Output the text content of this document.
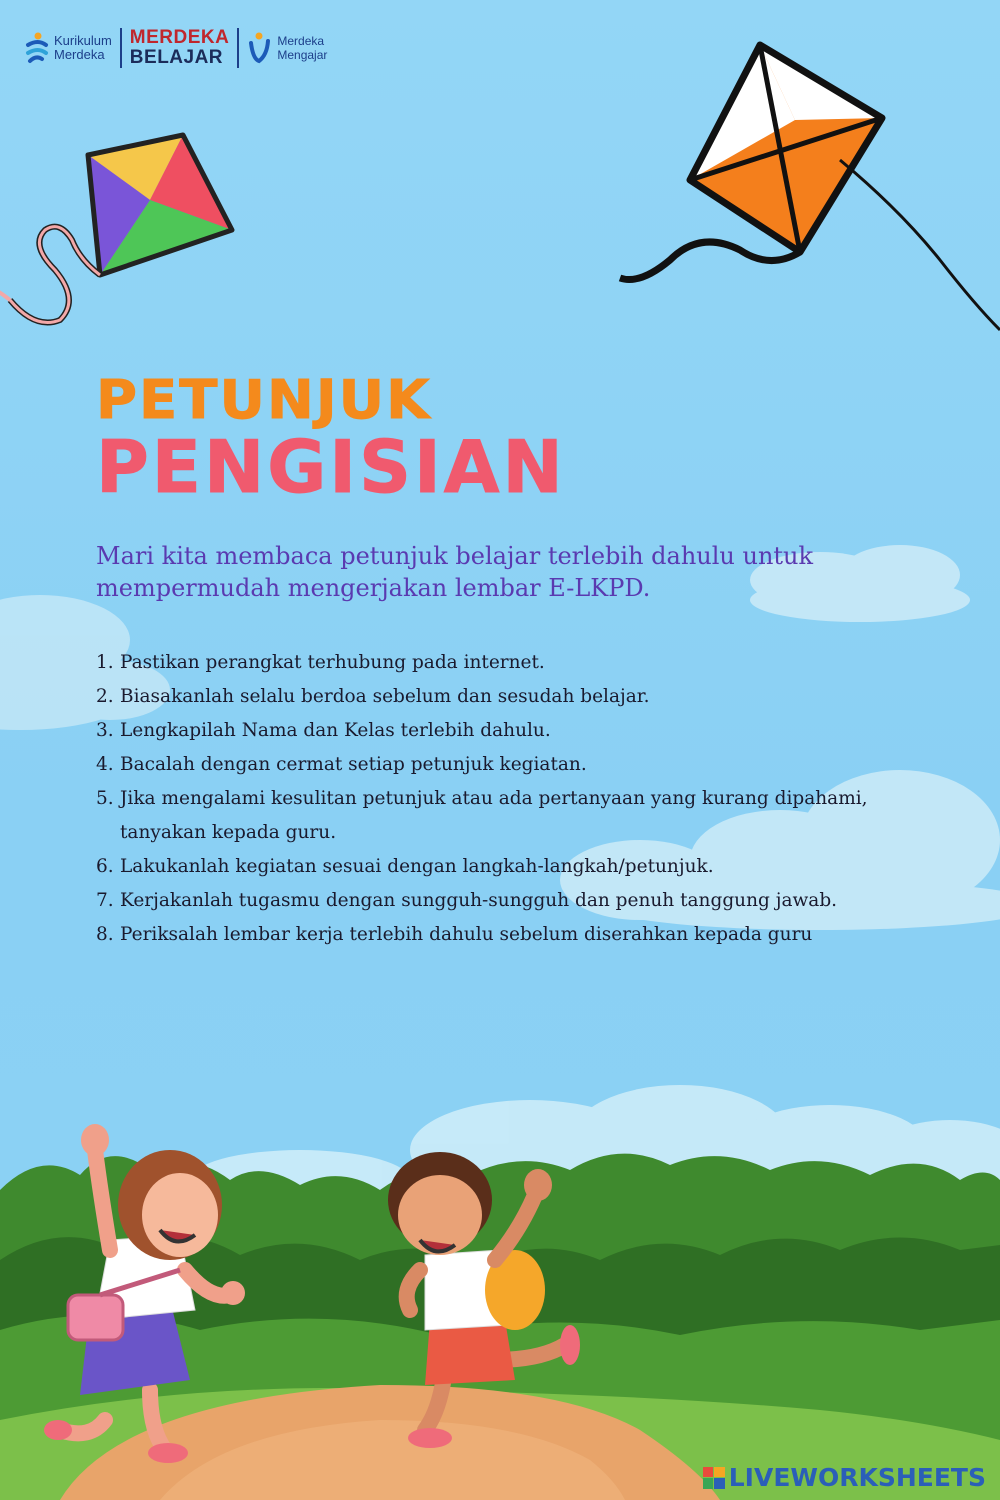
Kurikulum
Merdeka
MERDEKA
BELAJAR
Merdeka
Mengajar
PETUNJUK
PENGISIAN
Mari kita membaca petunjuk belajar terlebih dahulu untuk mempermudah mengerjakan lembar E-LKPD.
1. Pastikan perangkat terhubung pada internet.
2. Biasakanlah selalu berdoa sebelum dan sesudah belajar.
3. Lengkapilah Nama dan Kelas terlebih dahulu.
4. Bacalah dengan cermat setiap petunjuk kegiatan.
5. Jika mengalami kesulitan petunjuk atau ada pertanyaan yang kurang dipahami, tanyakan kepada guru.
6. Lakukanlah kegiatan sesuai dengan langkah-langkah/petunjuk.
7. Kerjakanlah tugasmu dengan sungguh-sungguh dan penuh tanggung jawab.
8. Periksalah lembar kerja terlebih dahulu sebelum diserahkan kepada guru
LIVEWORKSHEETS
